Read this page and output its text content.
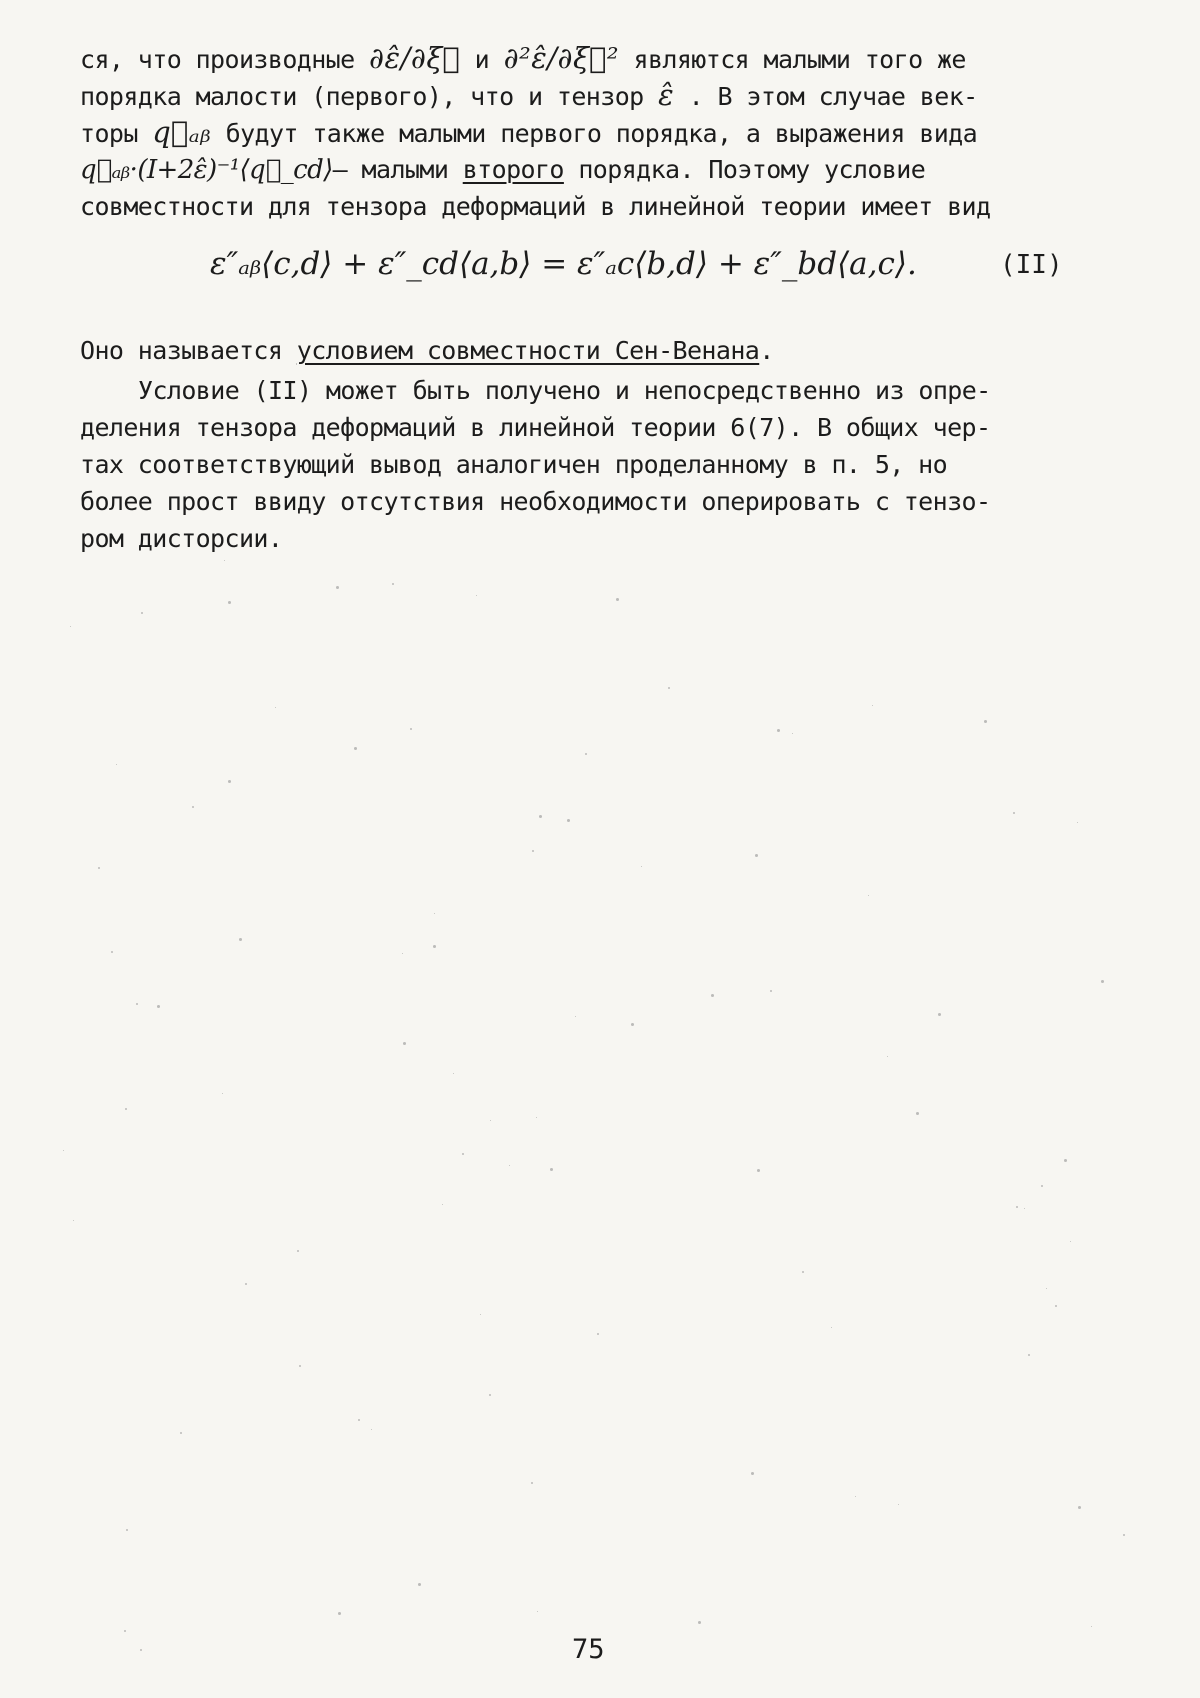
ся, что производные ∂ε̂/∂ξ⃗ и ∂²ε̂/∂ξ⃗² являются малыми того же
порядка малости (первого), что и тензор ε̂ . В этом случае век-
торы q⃗ₐᵦ будут также малыми первого порядка, а выражения вида
q⃗ₐᵦ·(I+2ε̂)⁻¹⟨q⃗_cd⟩– малыми второго порядка. Поэтому условие
совместности для тензора деформаций в линейной теории имеет вид
ε″ₐᵦ⟨c,d⟩ + ε″_cd⟨a,b⟩ = ε″ₐc⟨b,d⟩ + ε″_bd⟨a,c⟩.	(II)
Оно называется условием совместности Сен-Венана.
Условие (II) может быть получено и непосредственно из опре-
деления тензора деформаций в линейной теории 6(7). В общих чер-
тах соответствующий вывод аналогичен проделанному в п. 5, но
более прост ввиду отсутствия необходимости оперировать с тензо-
ром дисторсии.
75
